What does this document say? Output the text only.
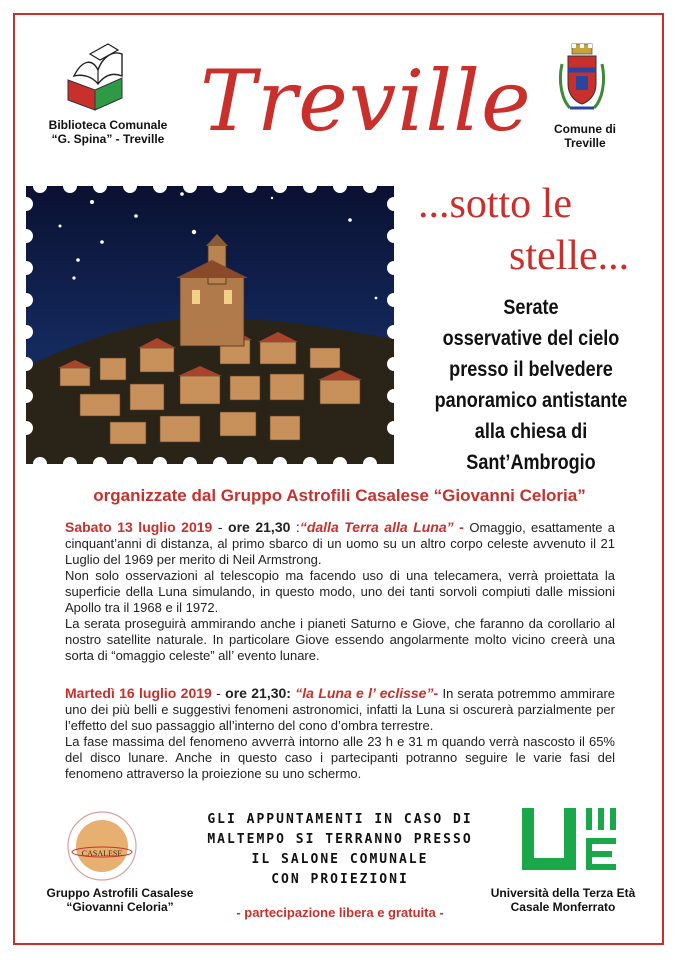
Biblioteca Comunale
“G. Spina” - Treville Treville	Comune di
Treville
...sotto le
stelle...
Serate
osservative del cielo
presso il belvedere
panoramico antistante
alla chiesa di Sant’Ambrogio
organizzate dal Gruppo Astrofili Casalese “Giovanni Celoria”

Sabato 13 luglio 2019 - ore 21,30 :“dalla Terra alla Luna” - Omaggio, esattamente a cinquant’anni di distanza, al primo sbarco di un uomo su un altro corpo celeste avvenuto il 21 Luglio del 1969 per merito di Neil Armstrong.

Non solo osservazioni al telescopio ma facendo uso di una telecamera, verrà proiettata la superficie della Luna simulando, in questo modo, uno dei tanti sorvoli compiuti dalle missioni Apollo tra il 1968 e il 1972.

La serata proseguirà ammirando anche i pianeti Saturno e Giove, che faranno da corollario al nostro satellite naturale. In particolare Giove essendo angolarmente molto vicino creerà una sorta di “omaggio celeste” all’ evento lunare.

Martedì 16 luglio 2019 - ore 21,30: “la Luna e l’ eclisse”- In serata potremmo ammirare uno dei più belli e suggestivi fenomeni astronomici, infatti la Luna si oscurerà parzialmente per l’effetto del suo passaggio all’interno del cono d’ombra terrestre.

La fase massima del fenomeno avverrà intorno alle 23 h e 31 m quando verrà nascosto il 65% del disco lunare. Anche in questo caso i partecipanti potranno seguire le varie fasi del fenomeno attraverso la proiezione su uno schermo.

CASALESE
Gruppo Astrofili Casalese
“Giovanni Celoria”
GLI APPUNTAMENTI IN CASO DI
MALTEMPO SI TERRANNO PRESSO
IL SALONE COMUNALE
CON PROIEZIONI
- partecipazione libera e gratuita -
Università della Terza Età
Casale Monferrato
